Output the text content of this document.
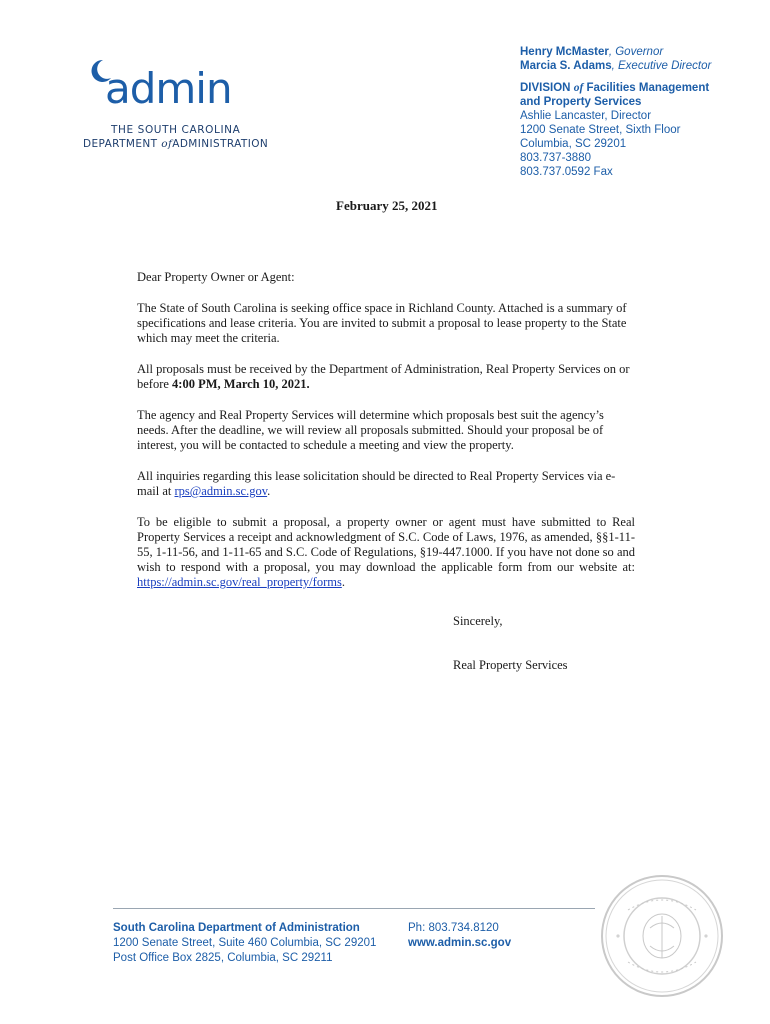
admin
THE SOUTH CAROLINA
DEPARTMENT ofADMINISTRATION
Henry McMaster, Governor
Marcia S. Adams, Executive Director
DIVISION of Facilities Management
and Property Services
Ashlie Lancaster, Director
1200 Senate Street, Sixth Floor
Columbia, SC 29201
803.737-3880
803.737.0592 Fax
February 25, 2021

Dear Property Owner or Agent:

The State of South Carolina is seeking office space in Richland County. Attached is a summary of specifications and lease criteria. You are invited to submit a proposal to lease property to the State which may meet the criteria.

All proposals must be received by the Department of Administration, Real Property Services on or before 4:00 PM, March 10, 2021.

The agency and Real Property Services will determine which proposals best suit the agency’s needs. After the deadline, we will review all proposals submitted. Should your proposal be of interest, you will be contacted to schedule a meeting and view the property.

All inquiries regarding this lease solicitation should be directed to Real Property Services via e-mail at rps@admin.sc.gov.

To be eligible to submit a proposal, a property owner or agent must have submitted to Real Property Services a receipt and acknowledgment of S.C. Code of Laws, 1976, as amended, §§1-11-55, 1-11-56, and 1-11-65 and S.C. Code of Regulations, §19-447.1000. If you have not done so and wish to respond with a proposal, you may download the applicable form from our website at: https://admin.sc.gov/real_property/forms.

Sincerely,
Real Property Services
South Carolina Department of Administration
1200 Senate Street, Suite 460 Columbia, SC 29201
Post Office Box 2825, Columbia, SC 29211
Ph: 803.734.8120
www.admin.sc.gov
